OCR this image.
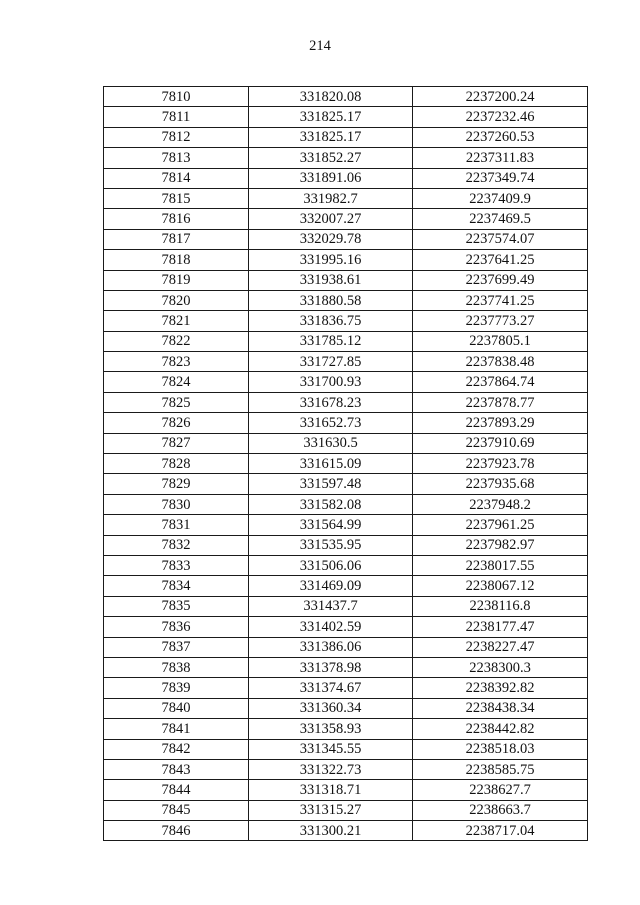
214
7810	331820.08	2237200.24
7811	331825.17	2237232.46
7812	331825.17	2237260.53
7813	331852.27	2237311.83
7814	331891.06	2237349.74
7815	331982.7	2237409.9
7816	332007.27	2237469.5
7817	332029.78	2237574.07
7818	331995.16	2237641.25
7819	331938.61	2237699.49
7820	331880.58	2237741.25
7821	331836.75	2237773.27
7822	331785.12	2237805.1
7823	331727.85	2237838.48
7824	331700.93	2237864.74
7825	331678.23	2237878.77
7826	331652.73	2237893.29
7827	331630.5	2237910.69
7828	331615.09	2237923.78
7829	331597.48	2237935.68
7830	331582.08	2237948.2
7831	331564.99	2237961.25
7832	331535.95	2237982.97
7833	331506.06	2238017.55
7834	331469.09	2238067.12
7835	331437.7	2238116.8
7836	331402.59	2238177.47
7837	331386.06	2238227.47
7838	331378.98	2238300.3
7839	331374.67	2238392.82
7840	331360.34	2238438.34
7841	331358.93	2238442.82
7842	331345.55	2238518.03
7843	331322.73	2238585.75
7844	331318.71	2238627.7
7845	331315.27	2238663.7
7846	331300.21	2238717.04
